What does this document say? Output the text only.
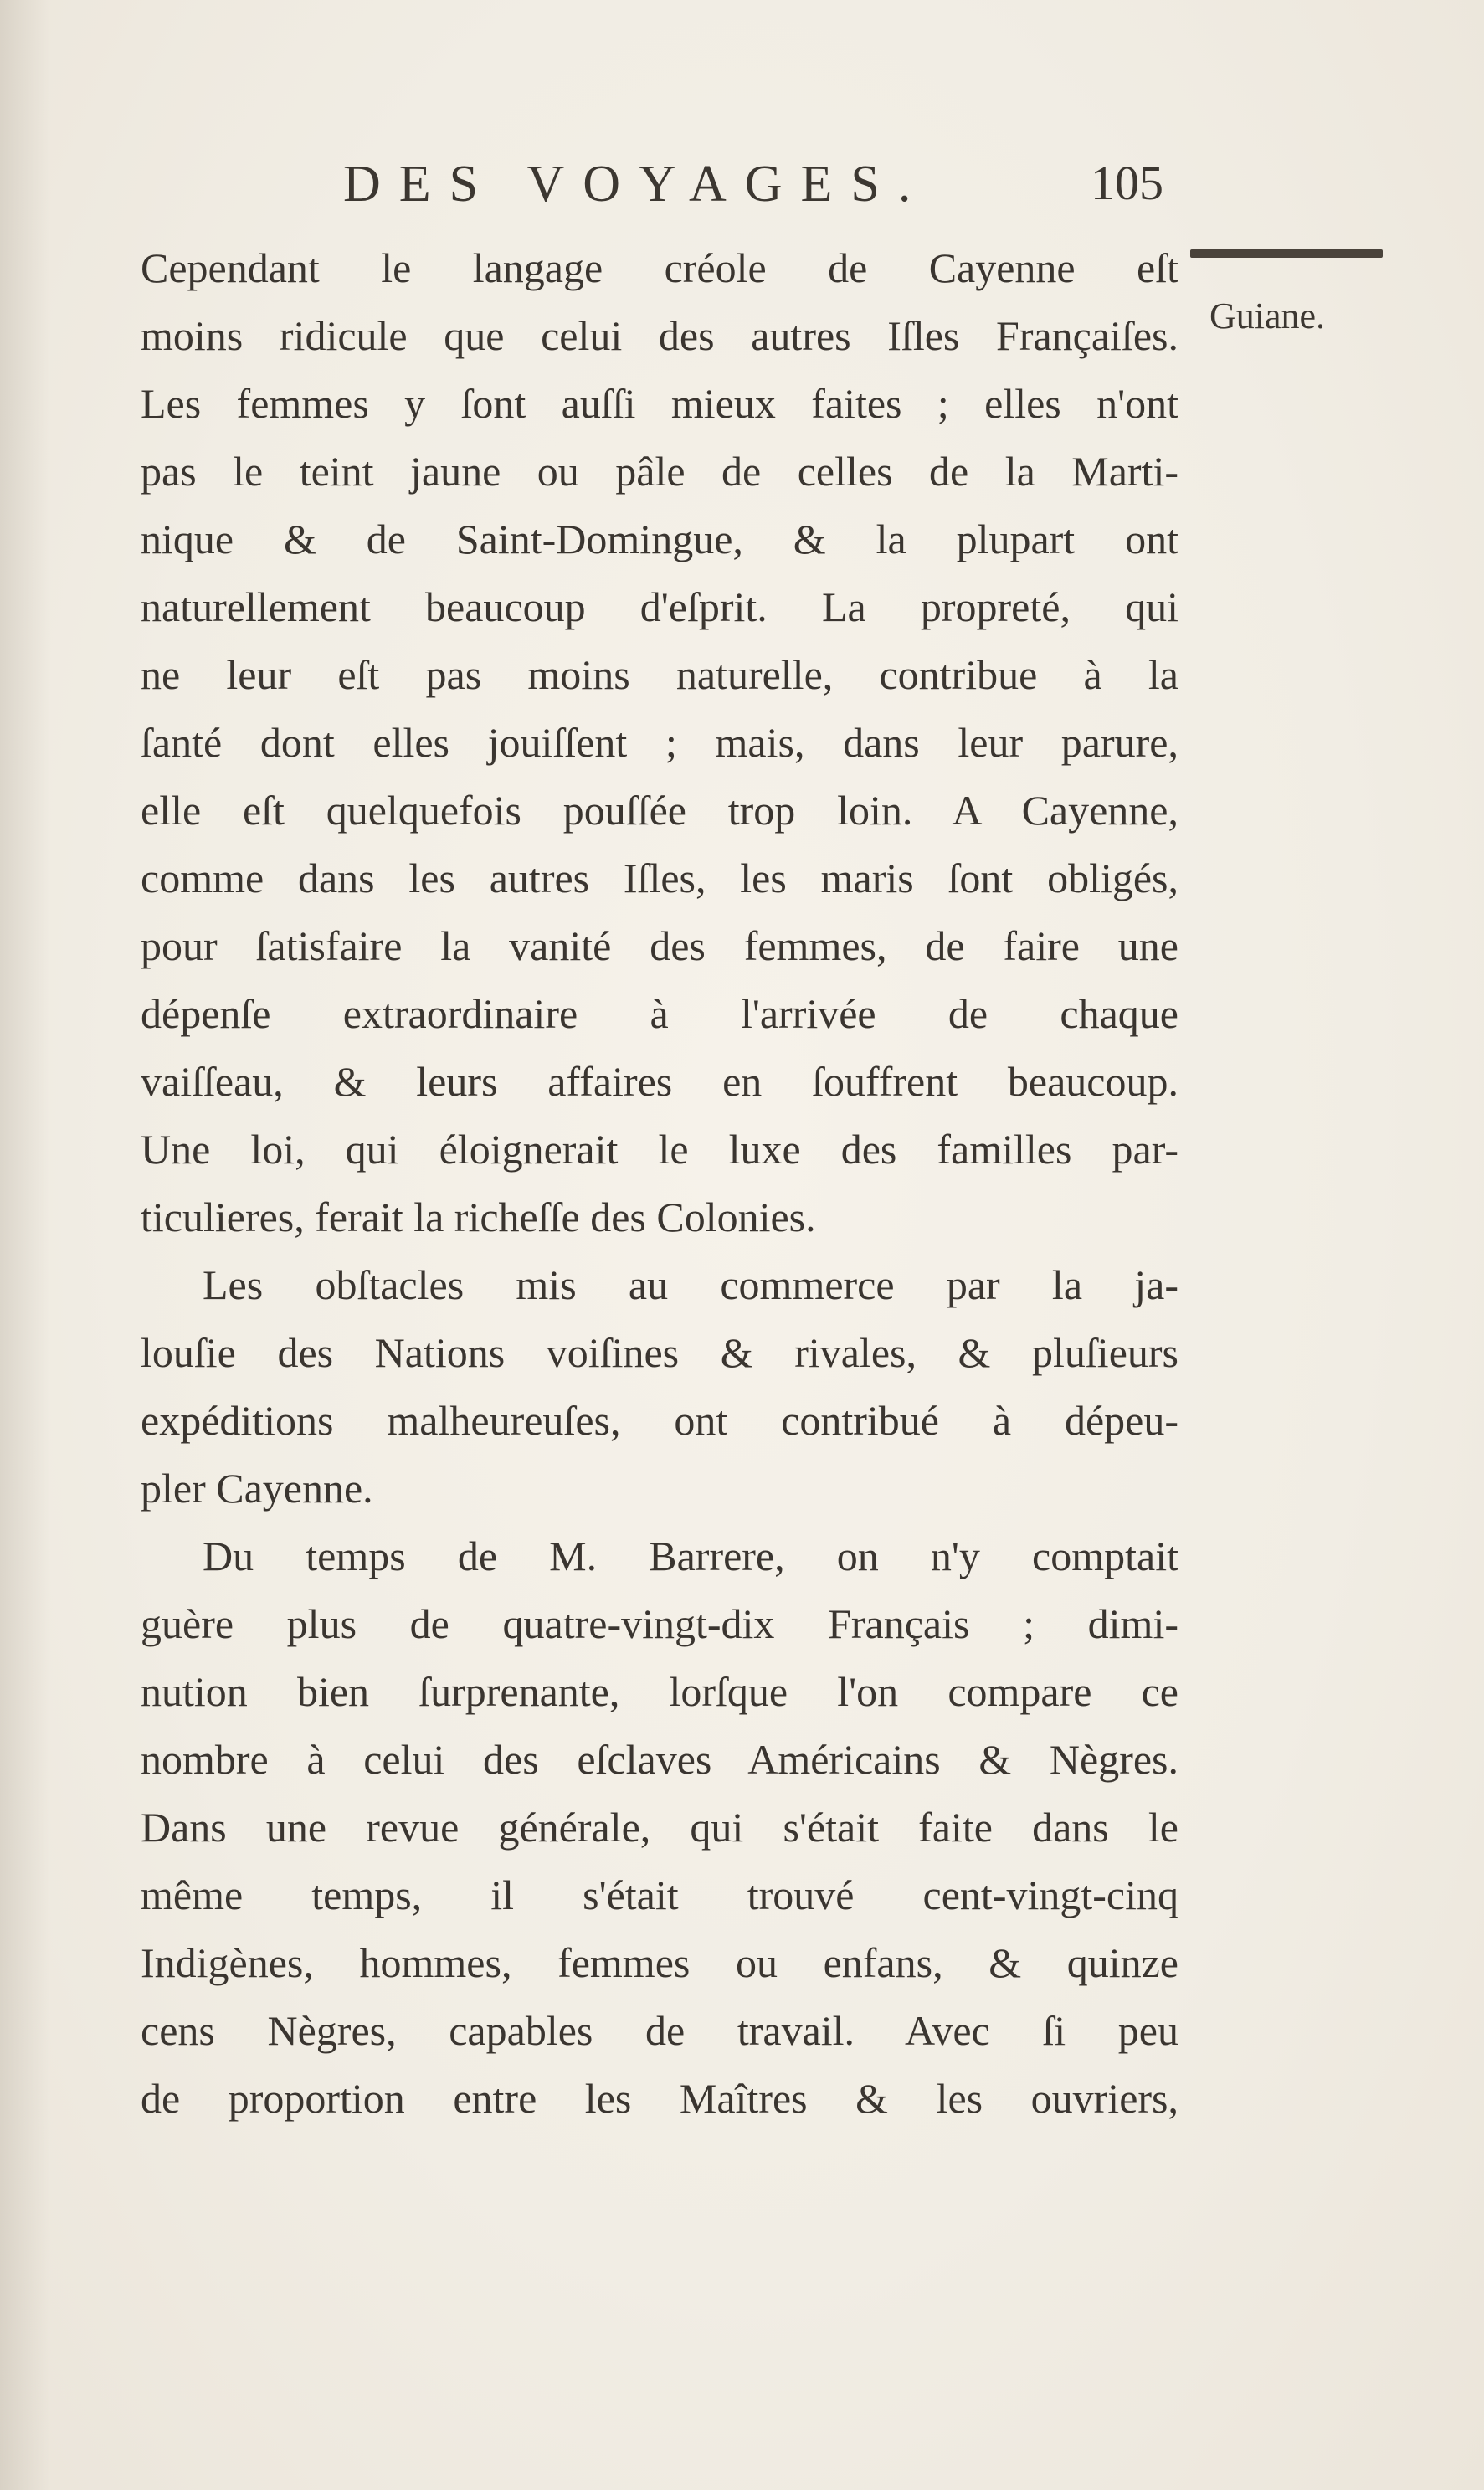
DES VOYAGES.	105
Guiane.
Cependant le langage créole de Cayenne eſt
moins ridicule que celui des autres Iſles Françaiſes.
Les femmes y ſont auſſi mieux faites ; elles n'ont
pas le teint jaune ou pâle de celles de la Marti-
nique & de Saint-Domingue, & la plupart ont
naturellement beaucoup d'eſprit. La propreté, qui
ne leur eſt pas moins naturelle, contribue à la
ſanté dont elles jouiſſent ; mais, dans leur parure,
elle eſt quelquefois pouſſée trop loin. A Cayenne,
comme dans les autres Iſles, les maris ſont obligés,
pour ſatisfaire la vanité des femmes, de faire une
dépenſe extraordinaire à l'arrivée de chaque
vaiſſeau, & leurs affaires en ſouffrent beaucoup.
Une loi, qui éloignerait le luxe des familles par-
ticulieres, ferait la richeſſe des Colonies.
Les obſtacles mis au commerce par la ja-
louſie des Nations voiſines & rivales, & pluſieurs
expéditions malheureuſes, ont contribué à dépeu-
pler Cayenne.
Du temps de M. Barrere, on n'y comptait
guère plus de quatre-vingt-dix Français ; dimi-
nution bien ſurprenante, lorſque l'on compare ce
nombre à celui des eſclaves Américains & Nègres.
Dans une revue générale, qui s'était faite dans le
même temps, il s'était trouvé cent-vingt-cinq
Indigènes, hommes, femmes ou enfans, & quinze
cens Nègres, capables de travail. Avec ſi peu
de proportion entre les Maîtres & les ouvriers,
